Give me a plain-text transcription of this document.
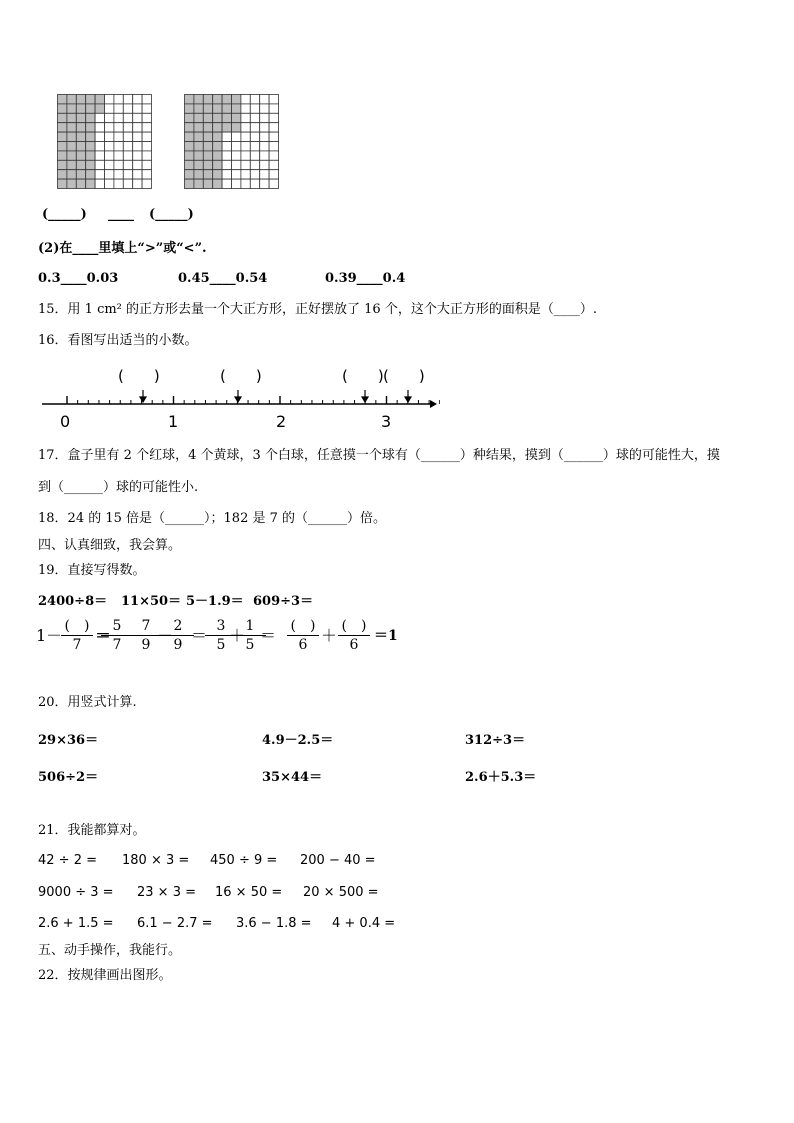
(_____) ____ (_____)
(2)在____里填上“>”或“<”.
0.3____0.03	0.45____0.54	0.39____0.4
15．用 1 cm² 的正方形去量一个大正方形，正好摆放了 16 个，这个大正方形的面积是（____）.
16．看图写出适当的小数。
(　　)	(　　)	(　　) (　　)
0	1	2	3
17．盒子里有 2 个红球，4 个黄球，3 个白球，任意摸一个球有（______）种结果，摸到（______）球的可能性大，摸
到（______）球的可能性小.
18．24 的 15 倍是（______）；182 是 7 的（______）倍。
四、认真细致，我会算。
19．直接写得数。
2400÷8＝ 11×50＝ 5－1.9＝ 609÷3＝
1 － (　)
7 ＝ 5
7
7
9 － 2
9 ＝ 3
5 ＋ 1
5 ＝	(　)
6 ＋ (　)
6
＝1
20．用竖式计算.
29×36＝	4.9－2.5＝	312÷3＝
506÷2＝	35×44＝	2.6＋5.3＝
21．我能都算对。
42 ÷ 2 = 180 × 3 = 450 ÷ 9 = 200 − 40 =
9000 ÷ 3 = 23 × 3 = 16 × 50 = 20 × 500 =
2.6 + 1.5 = 6.1 − 2.7 = 3.6 − 1.8 = 4 + 0.4 =
五、动手操作，我能行。
22．按规律画出图形。
